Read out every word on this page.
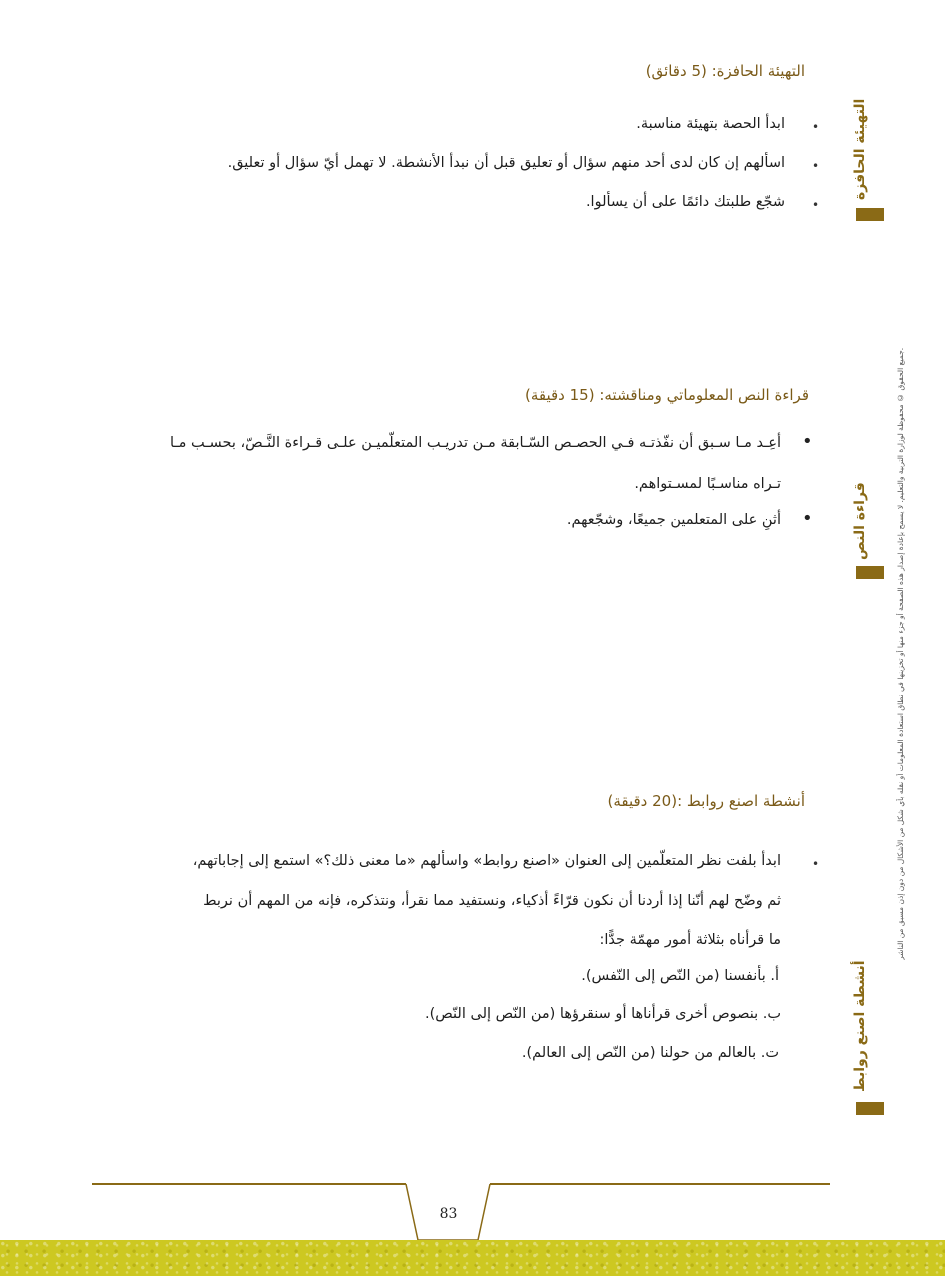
التهيئة الحافزة: (5 دقائق)
•
ابدأ الحصة بتهيئة مناسبة.
•
اسألهم إن كان لدى أحد منهم سؤال أو تعليق قبل أن نبدأ الأنشطة. لا تهمل أيّ سؤال أو تعليق.
•
شجّع طلبتك دائمًا على أن يسألوا.
قراءة النص المعلوماتي ومناقشته: (15 دقيقة)
•
أعِـد مـا سـبق أن نفّذتـه فـي الحصـص السّـابقة مـن تدريـب المتعلّميـن علـى قـراءة النَّـصّ، بحسـب مـا
تـراه مناسـبًا لمسـتواهم.
•
أثنِ على المتعلمين جميعًا، وشجّعهم.
أنشطة اصنع روابط :(20 دقيقة)
•
ابدأ بلفت نظر المتعلّمين إلى العنوان «اصنع روابط» واسألهم «ما معنى ذلك؟» استمع إلى إجاباتهم،
ثم وضّح لهم أنّنا إذا أردنا أن نكون قرّاءً أذكياء، ونستفيد مما نقرأ، ونتذكره، فإنه من المهم أن نربط
ما قرأناه بثلاثة أمور مهمّة جدًّا:
أ. بأنفسنا (من النّص إلى النّفس).
ب. بنصوص أخرى قرأناها أو سنقرؤها (من النّص إلى النّص).
ت. بالعالم من حولنا (من النّص إلى العالم).
التهيئة الحافزة
قراءة النص
أنشطة اصنع روابط
جميع الحقوق © محفوظة لوزارة التربية والتعليم. لا يسمح بإعادة إصدار هذه الصفحة أو جزء منها أو تخزينها في نطاق استعادة المعلومات أو نقله بأي شكل من الأشكال من دون إذن مسبق من الناشر.
83
